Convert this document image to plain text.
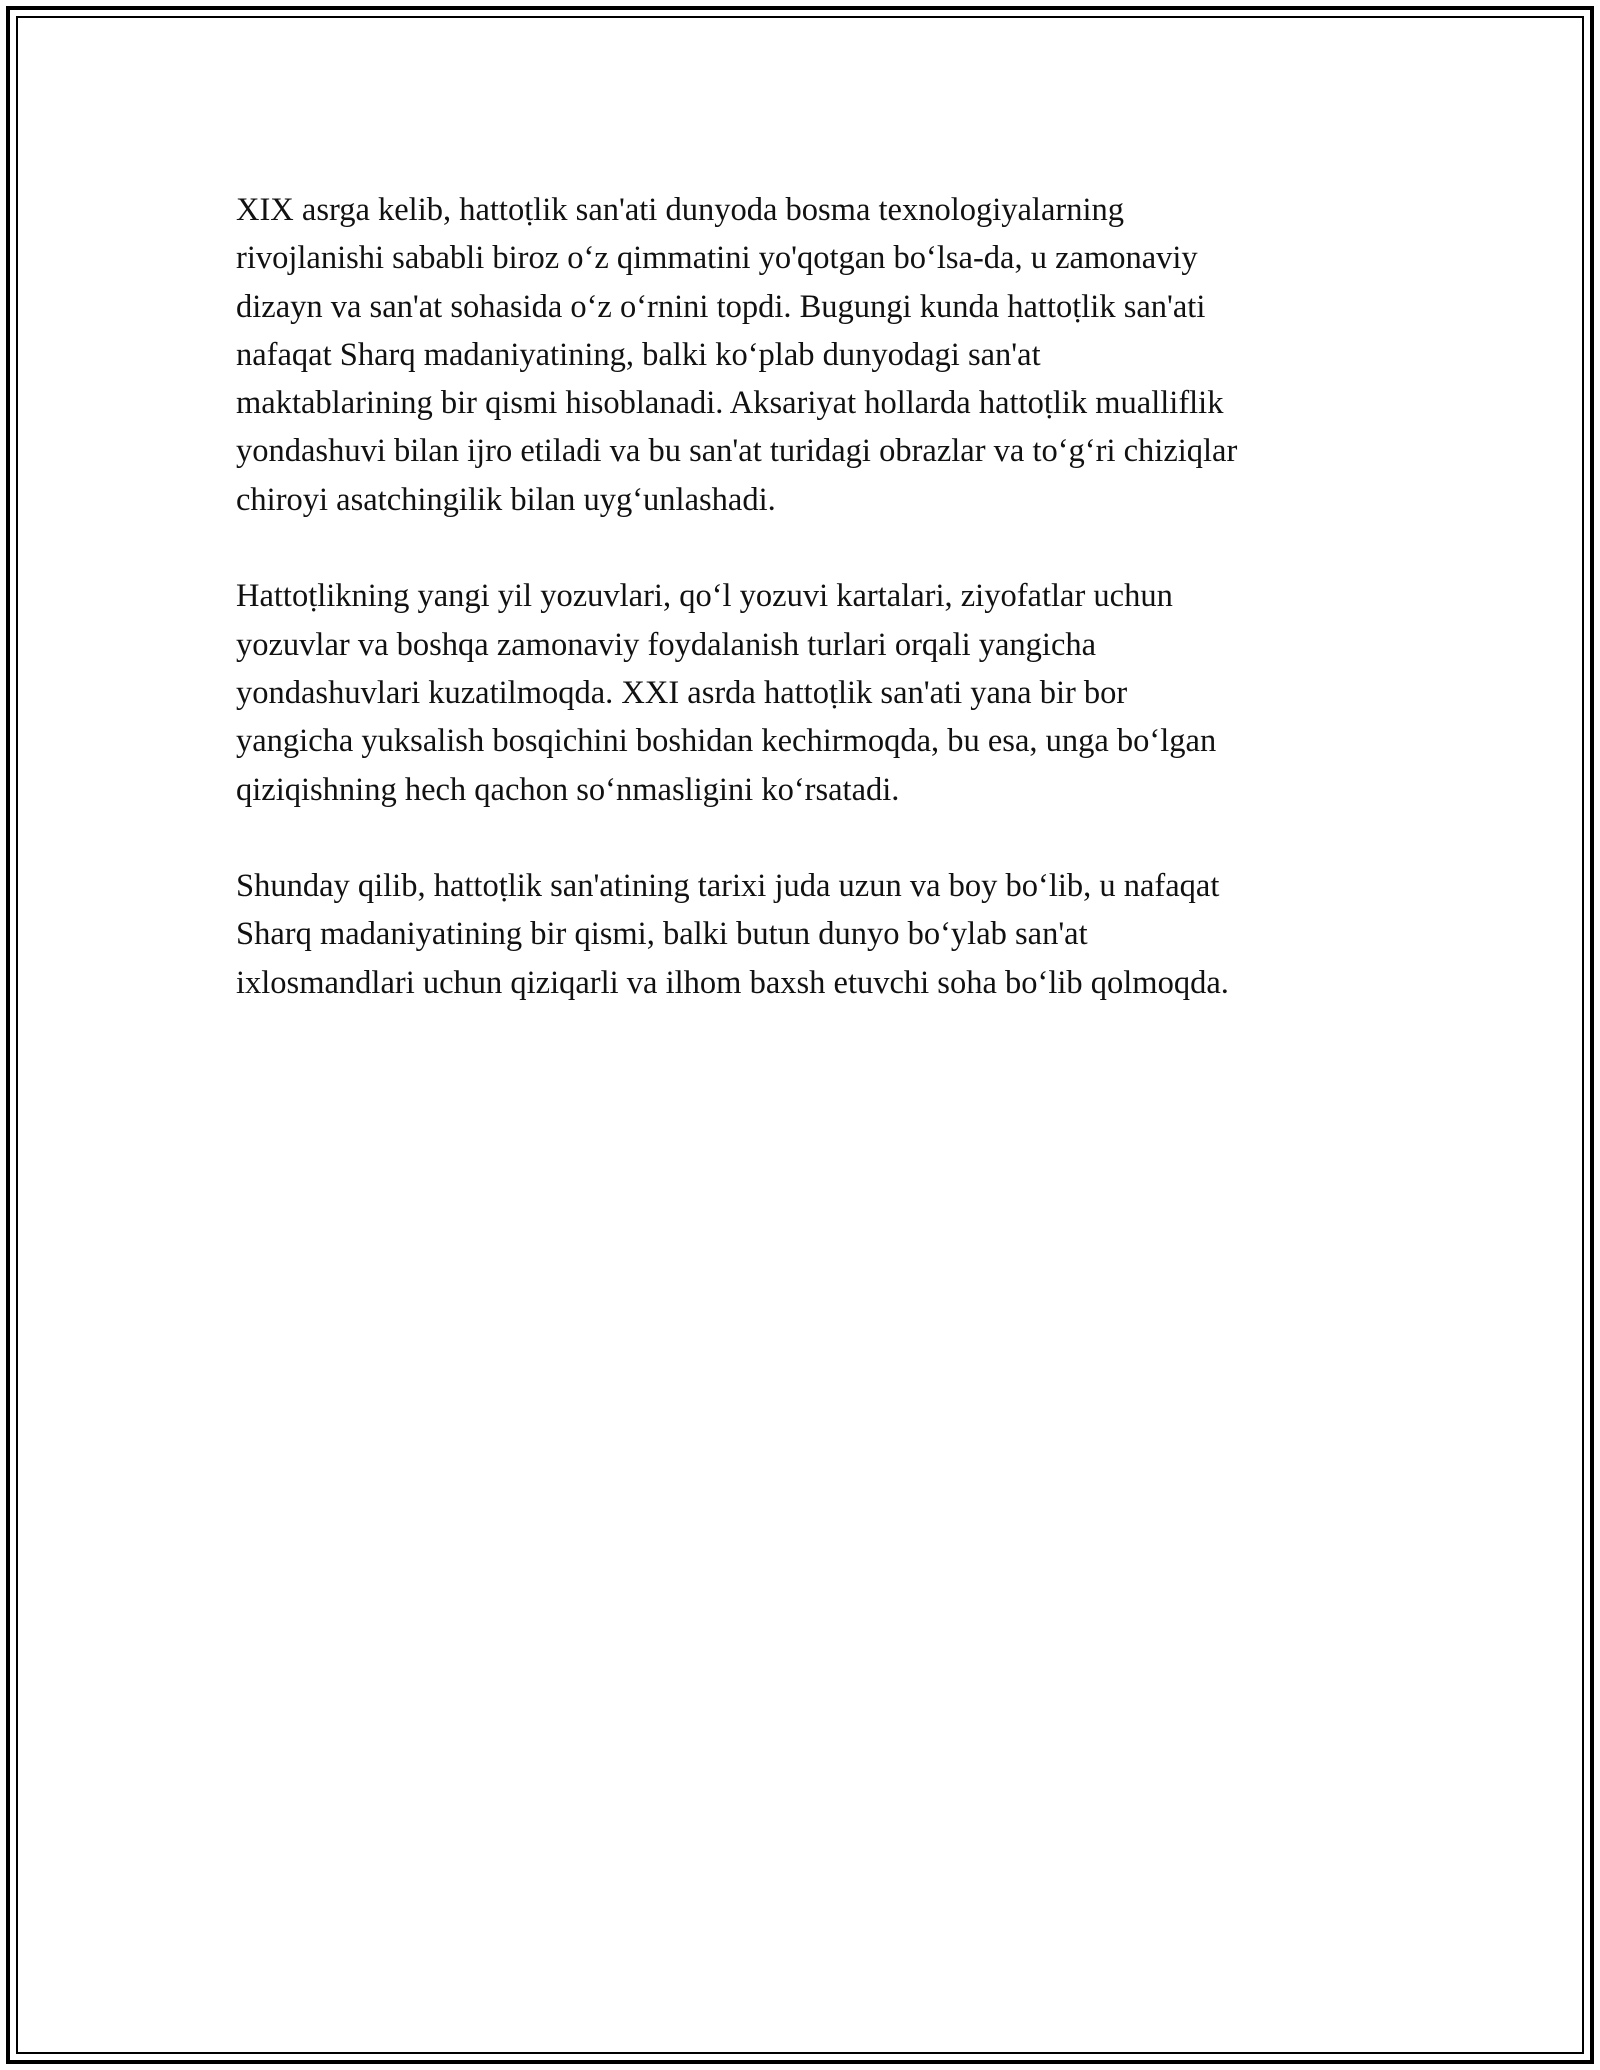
XIX asrga kelib, hattoṭlik san'ati dunyoda bosma texnologiyalarning
rivojlanishi sababli biroz o‘z qimmatini yo'qotgan bo‘lsa-da, u zamonaviy
dizayn va san'at sohasida o‘z o‘rnini topdi. Bugungi kunda hattoṭlik san'ati
nafaqat Sharq madaniyatining, balki ko‘plab dunyodagi san'at
maktablarining bir qismi hisoblanadi. Aksariyat hollarda hattoṭlik mualliflik
yondashuvi bilan ijro etiladi va bu san'at turidagi obrazlar va to‘g‘ri chiziqlar
chiroyi asatchingilik bilan uyg‘unlashadi.

Hattoṭlikning yangi yil yozuvlari, qo‘l yozuvi kartalari, ziyofatlar uchun
yozuvlar va boshqa zamonaviy foydalanish turlari orqali yangicha
yondashuvlari kuzatilmoqda. XXI asrda hattoṭlik san'ati yana bir bor
yangicha yuksalish bosqichini boshidan kechirmoqda, bu esa, unga bo‘lgan
qiziqishning hech qachon so‘nmasligini ko‘rsatadi.

Shunday qilib, hattoṭlik san'atining tarixi juda uzun va boy bo‘lib, u nafaqat
Sharq madaniyatining bir qismi, balki butun dunyo bo‘ylab san'at
ixlosmandlari uchun qiziqarli va ilhom baxsh etuvchi soha bo‘lib qolmoqda.
